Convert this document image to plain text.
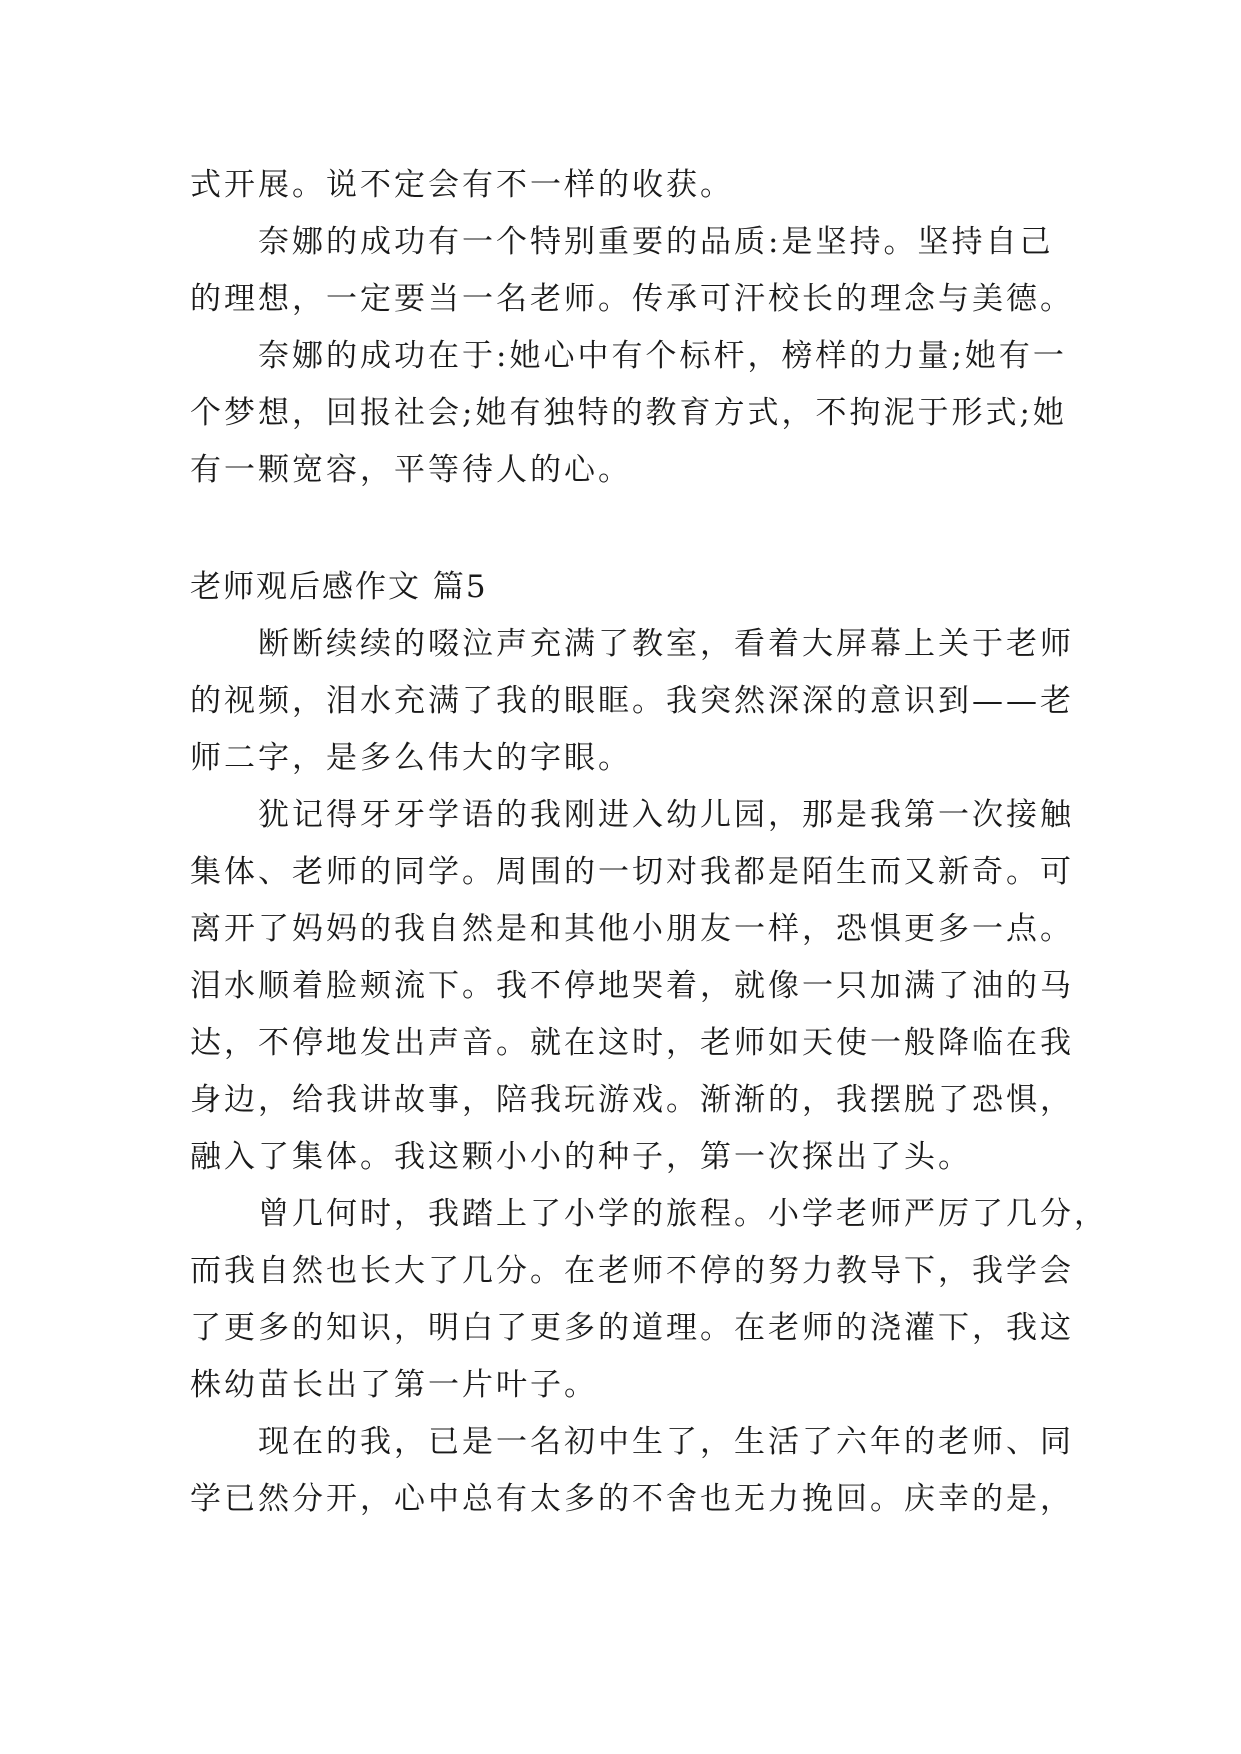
式开展。说不定会有不一样的收获。
奈娜的成功有一个特别重要的品质:是坚持。坚持自己
的理想，一定要当一名老师。传承可汗校长的理念与美德。
奈娜的成功在于:她心中有个标杆，榜样的力量;她有一
个梦想，回报社会;她有独特的教育方式，不拘泥于形式;她
有一颗宽容，平等待人的心。
老师观后感作文 篇5
断断续续的啜泣声充满了教室，看着大屏幕上关于老师
的视频，泪水充满了我的眼眶。我突然深深的意识到——老
师二字，是多么伟大的字眼。
犹记得牙牙学语的我刚进入幼儿园，那是我第一次接触
集体、老师的同学。周围的一切对我都是陌生而又新奇。可
离开了妈妈的我自然是和其他小朋友一样，恐惧更多一点。
泪水顺着脸颊流下。我不停地哭着，就像一只加满了油的马
达，不停地发出声音。就在这时，老师如天使一般降临在我
身边，给我讲故事，陪我玩游戏。渐渐的，我摆脱了恐惧，
融入了集体。我这颗小小的种子，第一次探出了头。
曾几何时，我踏上了小学的旅程。小学老师严厉了几分，
而我自然也长大了几分。在老师不停的努力教导下，我学会
了更多的知识，明白了更多的道理。在老师的浇灌下，我这
株幼苗长出了第一片叶子。
现在的我，已是一名初中生了，生活了六年的老师、同
学已然分开，心中总有太多的不舍也无力挽回。庆幸的是，
